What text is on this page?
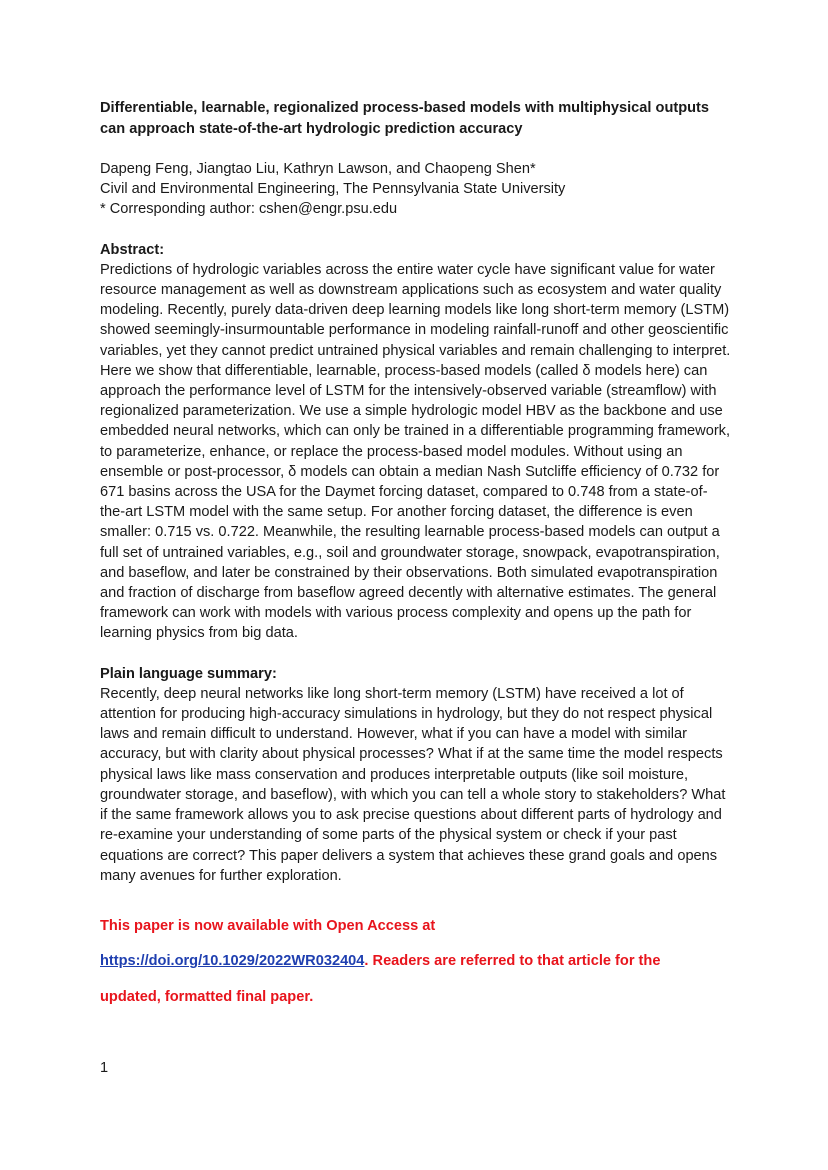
Differentiable, learnable, regionalized process-based models with multiphysical outputs can approach state-of-the-art hydrologic prediction accuracy

Dapeng Feng, Jiangtao Liu, Kathryn Lawson, and Chaopeng Shen*
Civil and Environmental Engineering, The Pennsylvania State University
* Corresponding author: cshen@engr.psu.edu
Abstract:

Predictions of hydrologic variables across the entire water cycle have significant value for water resource management as well as downstream applications such as ecosystem and water quality modeling. Recently, purely data-driven deep learning models like long short-term memory (LSTM) showed seemingly-insurmountable performance in modeling rainfall-runoff and other geoscientific variables, yet they cannot predict untrained physical variables and remain challenging to interpret. Here we show that differentiable, learnable, process-based models (called δ models here) can approach the performance level of LSTM for the intensively-observed variable (streamflow) with regionalized parameterization. We use a simple hydrologic model HBV as the backbone and use embedded neural networks, which can only be trained in a differentiable programming framework, to parameterize, enhance, or replace the process-based model modules. Without using an ensemble or post-processor, δ models can obtain a median Nash Sutcliffe efficiency of 0.732 for 671 basins across the USA for the Daymet forcing dataset, compared to 0.748 from a state-of-the-art LSTM model with the same setup. For another forcing dataset, the difference is even smaller: 0.715 vs. 0.722. Meanwhile, the resulting learnable process-based models can output a full set of untrained variables, e.g., soil and groundwater storage, snowpack, evapotranspiration, and baseflow, and later be constrained by their observations. Both simulated evapotranspiration and fraction of discharge from baseflow agreed decently with alternative estimates. The general framework can work with models with various process complexity and opens up the path for learning physics from big data.

Plain language summary:

Recently, deep neural networks like long short-term memory (LSTM) have received a lot of attention for producing high-accuracy simulations in hydrology, but they do not respect physical laws and remain difficult to understand. However, what if you can have a model with similar accuracy, but with clarity about physical processes? What if at the same time the model respects physical laws like mass conservation and produces interpretable outputs (like soil moisture, groundwater storage, and baseflow), with which you can tell a whole story to stakeholders? What if the same framework allows you to ask precise questions about different parts of hydrology and re-examine your understanding of some parts of the physical system or check if your past equations are correct? This paper delivers a system that achieves these grand goals and opens many avenues for further exploration.

This paper is now available with Open Access at
https://doi.org/10.1029/2022WR032404. Readers are referred to that article for the
updated, formatted final paper.
1
